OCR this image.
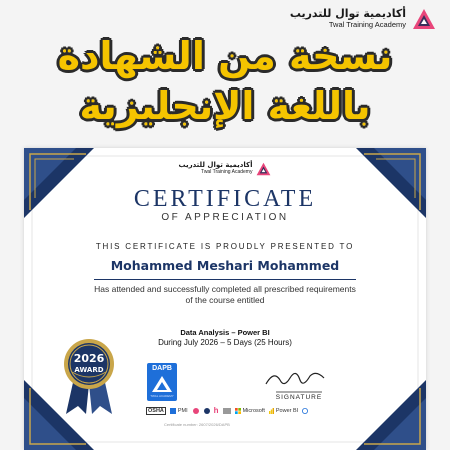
أكاديمية توال للتدريب
Twal Training Academy
نسخة من الشهادة
باللغة الإنجليزية
أكاديمية توال للتدريب
Twal Training Academy
CERTIFICATE
OF APPRECIATION
THIS CERTIFICATE IS PROUDLY PRESENTED TO
Mohammed Meshari Mohammed
Has attended and successfully completed all prescribed requirements
of the course entitled
Data Analysis – Power BI
During July 2026 – 5 Days (25 Hours)
2026
AWARD	DAPB
TWAL ACADEMY	SIGNATURE
OSHA	PMI	h	Microsoft Power BI
Certificate number: 2607/2026/DAPB
